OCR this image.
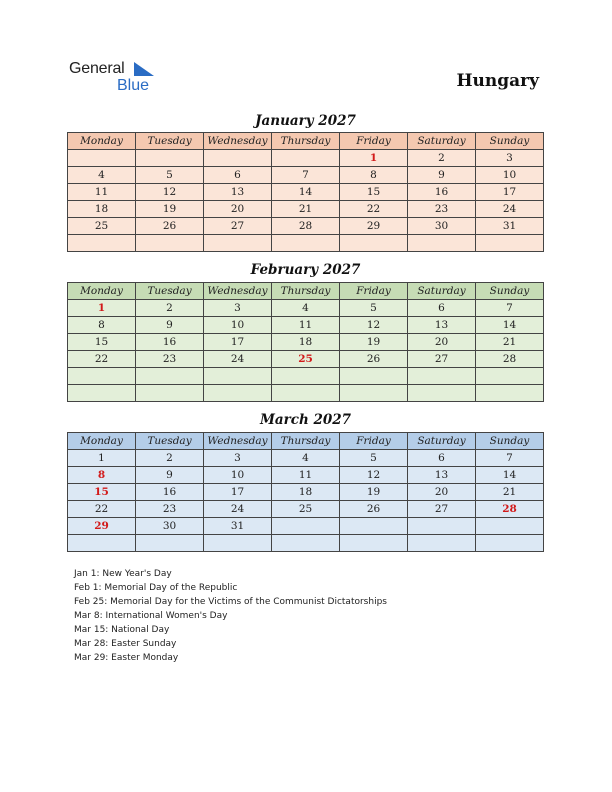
General
Blue	Hungary
January 2027
Monday	Tuesday	Wednesday	Thursday	Friday	Saturday	Sunday
				1	2	3
4	5	6	7	8	9	10
11	12	13	14	15	16	17
18	19	20	21	22	23	24
25	26	27	28	29	30	31

February 2027
Monday	Tuesday	Wednesday	Thursday	Friday	Saturday	Sunday
1	2	3	4	5	6	7
8	9	10	11	12	13	14
15	16	17	18	19	20	21
22	23	24	25	26	27	28

March 2027
Monday	Tuesday	Wednesday	Thursday	Friday	Saturday	Sunday
1	2	3	4	5	6	7
8	9	10	11	12	13	14
15	16	17	18	19	20	21
22	23	24	25	26	27	28
29	30	31				

Jan 1: New Year's Day
Feb 1: Memorial Day of the Republic
Feb 25: Memorial Day for the Victims of the Communist Dictatorships
Mar 8: International Women's Day
Mar 15: National Day
Mar 28: Easter Sunday
Mar 29: Easter Monday
